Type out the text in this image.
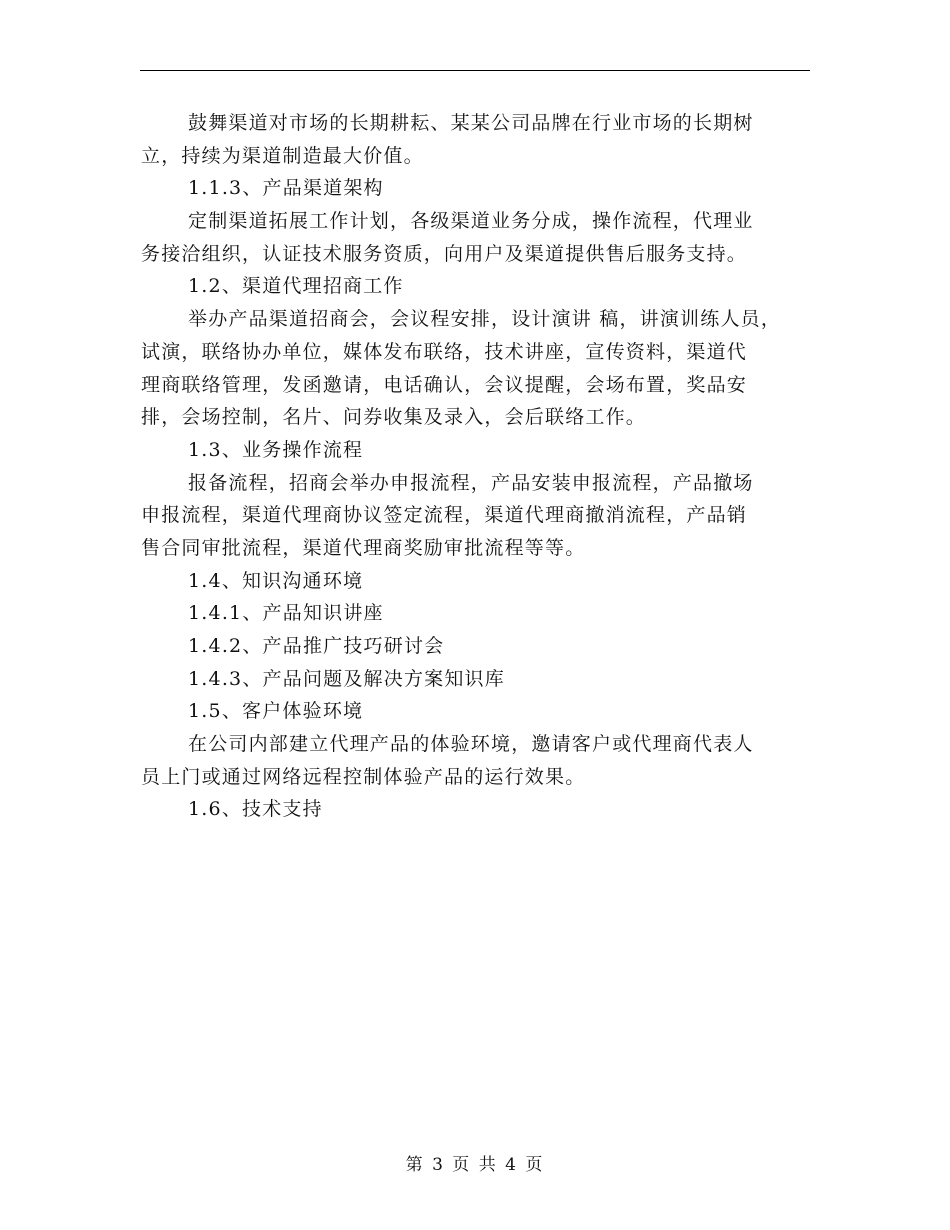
鼓舞渠道对市场的长期耕耘、某某公司品牌在行业市场的长期树
立，持续为渠道制造最大价值。
1.1.3、产品渠道架构
定制渠道拓展工作计划，各级渠道业务分成，操作流程，代理业
务接洽组织，认证技术服务资质，向用户及渠道提供售后服务支持。
1.2、渠道代理招商工作
举办产品渠道招商会，会议程安排，设计演讲 稿，讲演训练人员，
试演，联络协办单位，媒体发布联络，技术讲座，宣传资料，渠道代
理商联络管理，发函邀请，电话确认，会议提醒，会场布置，奖品安
排，会场控制，名片、问券收集及录入，会后联络工作。
1.3、业务操作流程
报备流程，招商会举办申报流程，产品安装申报流程，产品撤场
申报流程，渠道代理商协议签定流程，渠道代理商撤消流程，产品销
售合同审批流程，渠道代理商奖励审批流程等等。
1.4、知识沟通环境
1.4.1、产品知识讲座
1.4.2、产品推广技巧研讨会
1.4.3、产品问题及解决方案知识库
1.5、客户体验环境
在公司内部建立代理产品的体验环境，邀请客户或代理商代表人
员上门或通过网络远程控制体验产品的运行效果。
1.6、技术支持
第 3 页 共 4 页
